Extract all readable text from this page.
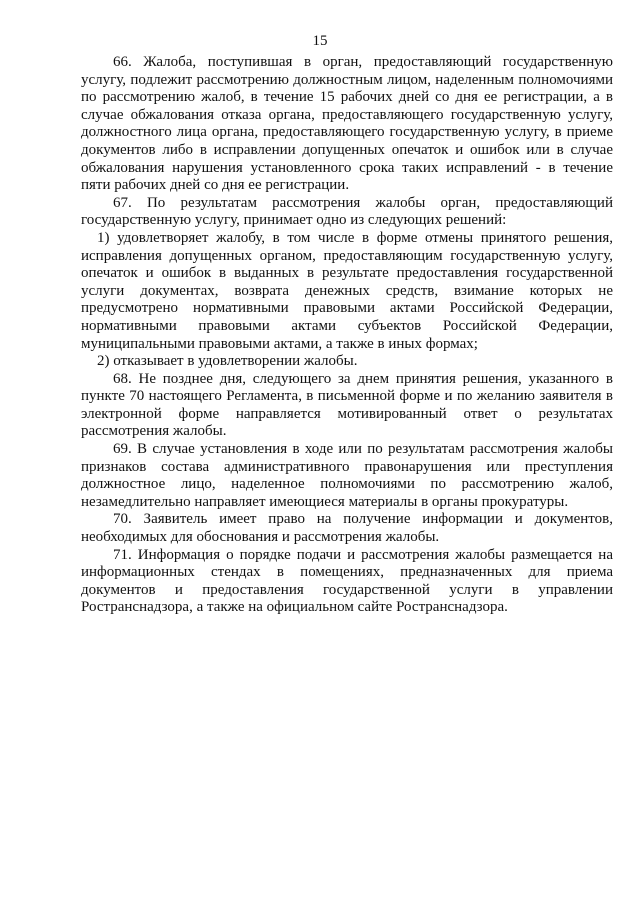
15

66. Жалоба, поступившая в орган, предоставляющий государственную услугу, подлежит рассмотрению должностным лицом, наделенным полномочиями по рассмотрению жалоб, в течение 15 рабочих дней со дня ее регистрации, а в случае обжалования отказа органа, предоставляющего государственную услугу, должностного лица органа, предоставляющего государственную услугу, в приеме документов либо в исправлении допущенных опечаток и ошибок или в случае обжалования нарушения установленного срока таких исправлений - в течение пяти рабочих дней со дня ее регистрации.

67. По результатам рассмотрения жалобы орган, предоставляющий государственную услугу, принимает одно из следующих решений:

1) удовлетворяет жалобу, в том числе в форме отмены принятого решения, исправления допущенных органом, предоставляющим государственную услугу, опечаток и ошибок в выданных в результате предоставления государственной услуги документах, возврата денежных средств, взимание которых не предусмотрено нормативными правовыми актами Российской Федерации, нормативными правовыми актами субъектов Российской Федерации, муниципальными правовыми актами, а также в иных формах;

2) отказывает в удовлетворении жалобы.

68. Не позднее дня, следующего за днем принятия решения, указанного в пункте 70 настоящего Регламента, в письменной форме и по желанию заявителя в электронной форме направляется мотивированный ответ о результатах рассмотрения жалобы.

69. В случае установления в ходе или по результатам рассмотрения жалобы признаков состава административного правонарушения или преступления должностное лицо, наделенное полномочиями по рассмотрению жалоб, незамедлительно направляет имеющиеся материалы в органы прокуратуры.

70. Заявитель имеет право на получение информации и документов, необходимых для обоснования и рассмотрения жалобы.

71. Информация о порядке подачи и рассмотрения жалобы размещается на информационных стендах в помещениях, предназначенных для приема документов и предоставления государственной услуги в управлении Ространснадзора, а также на официальном сайте Ространснадзора.
